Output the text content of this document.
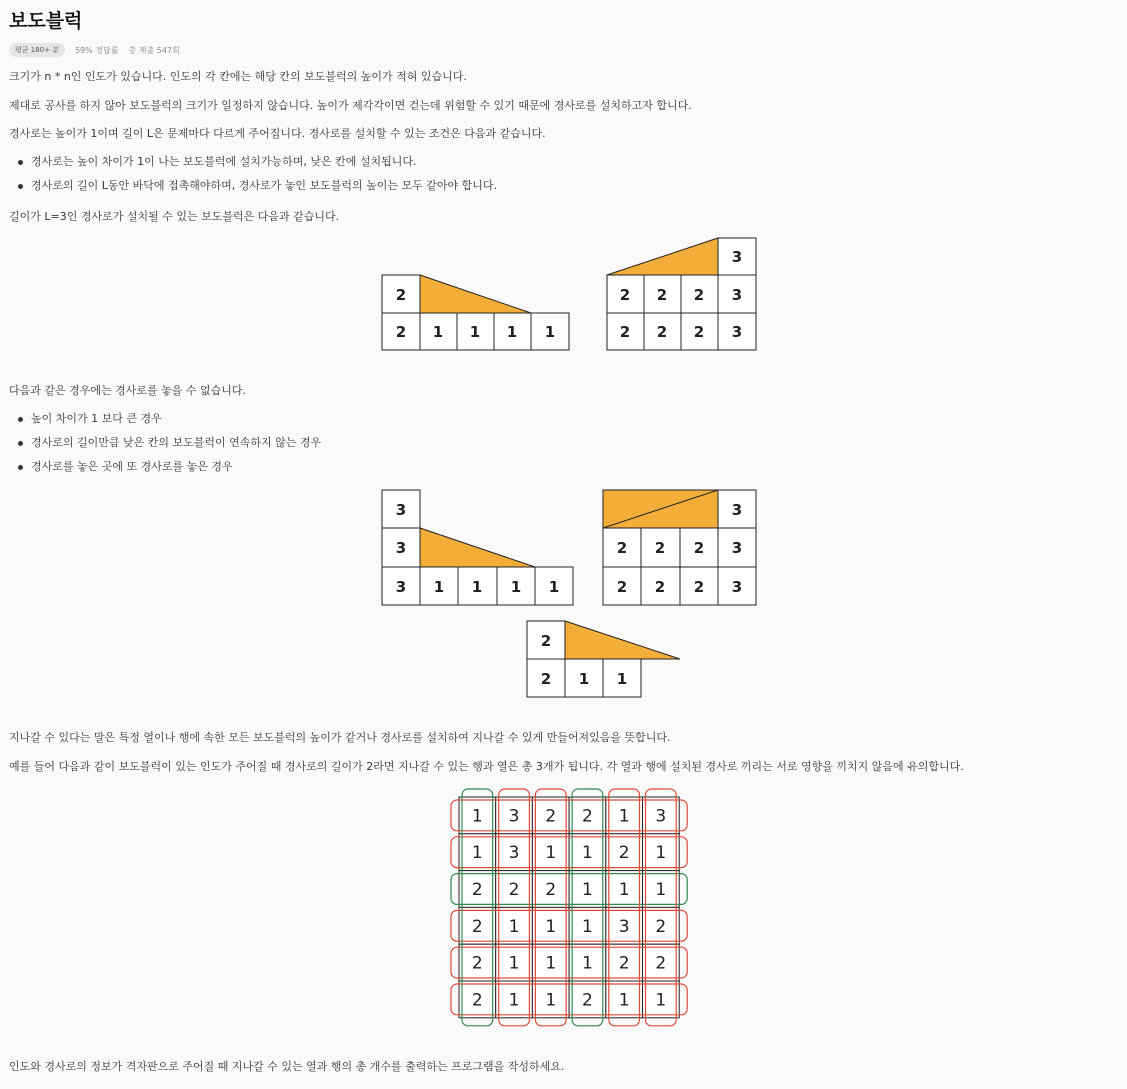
보도블럭
평균 180+ 분	59% 정답률 총 제출 547회

크기가 n * n인 인도가 있습니다. 인도의 각 칸에는 해당 칸의 보도블럭의 높이가 적혀 있습니다.

제대로 공사를 하지 않아 보도블럭의 크기가 일정하지 않습니다. 높이가 제각각이면 걷는데 위험할 수 있기 때문에 경사로를 설치하고자 합니다.

경사로는 높이가 1이며 길이 L은 문제마다 다르게 주어집니다. 경사로를 설치할 수 있는 조건은 다음과 같습니다.

경사로는 높이 차이가 1이 나는 보도블럭에 설치가능하며, 낮은 칸에 설치됩니다.
경사로의 길이 L동안 바닥에 접촉해야하며, 경사로가 놓인 보도블럭의 높이는 모두 같아야 합니다.

길이가 L=3인 경사로가 설치될 수 있는 보도블럭은 다음과 같습니다.

다음과 같은 경우에는 경사로를 놓을 수 없습니다.

높이 차이가 1 보다 큰 경우
경사로의 길이만큼 낮은 칸의 보도블럭이 연속하지 않는 경우
경사로를 놓은 곳에 또 경사로를 놓은 경우

지나갈 수 있다는 말은 특정 열이나 행에 속한 모든 보도블럭의 높이가 같거나 경사로를 설치하여 지나갈 수 있게 만들어져있음을 뜻합니다.

예를 들어 다음과 같이 보도블럭이 있는 인도가 주어질 때 경사로의 길이가 2라면 지나갈 수 있는 행과 열은 총 3개가 됩니다. 각 열과 행에 설치된 경사로 끼리는 서로 영향을 끼치지 않음에 유의합니다.

인도와 경사로의 정보가 격자판으로 주어질 때 지나갈 수 있는 열과 행의 총 개수를 출력하는 프로그램을 작성하세요.

2
2 1 1 1 1
3
2 2 2 3
2 2 2 3
3
3
3 1 1 1 1
3
2 2 2 3
2 2 2 3
2
2 1 1
1 3 2 2 1 3
1 3 1 1 2 1
2 2 2 1 1 1
2 1 1 1 3 2
2 1 1 1 2 2
2 1 1 2 1 1
